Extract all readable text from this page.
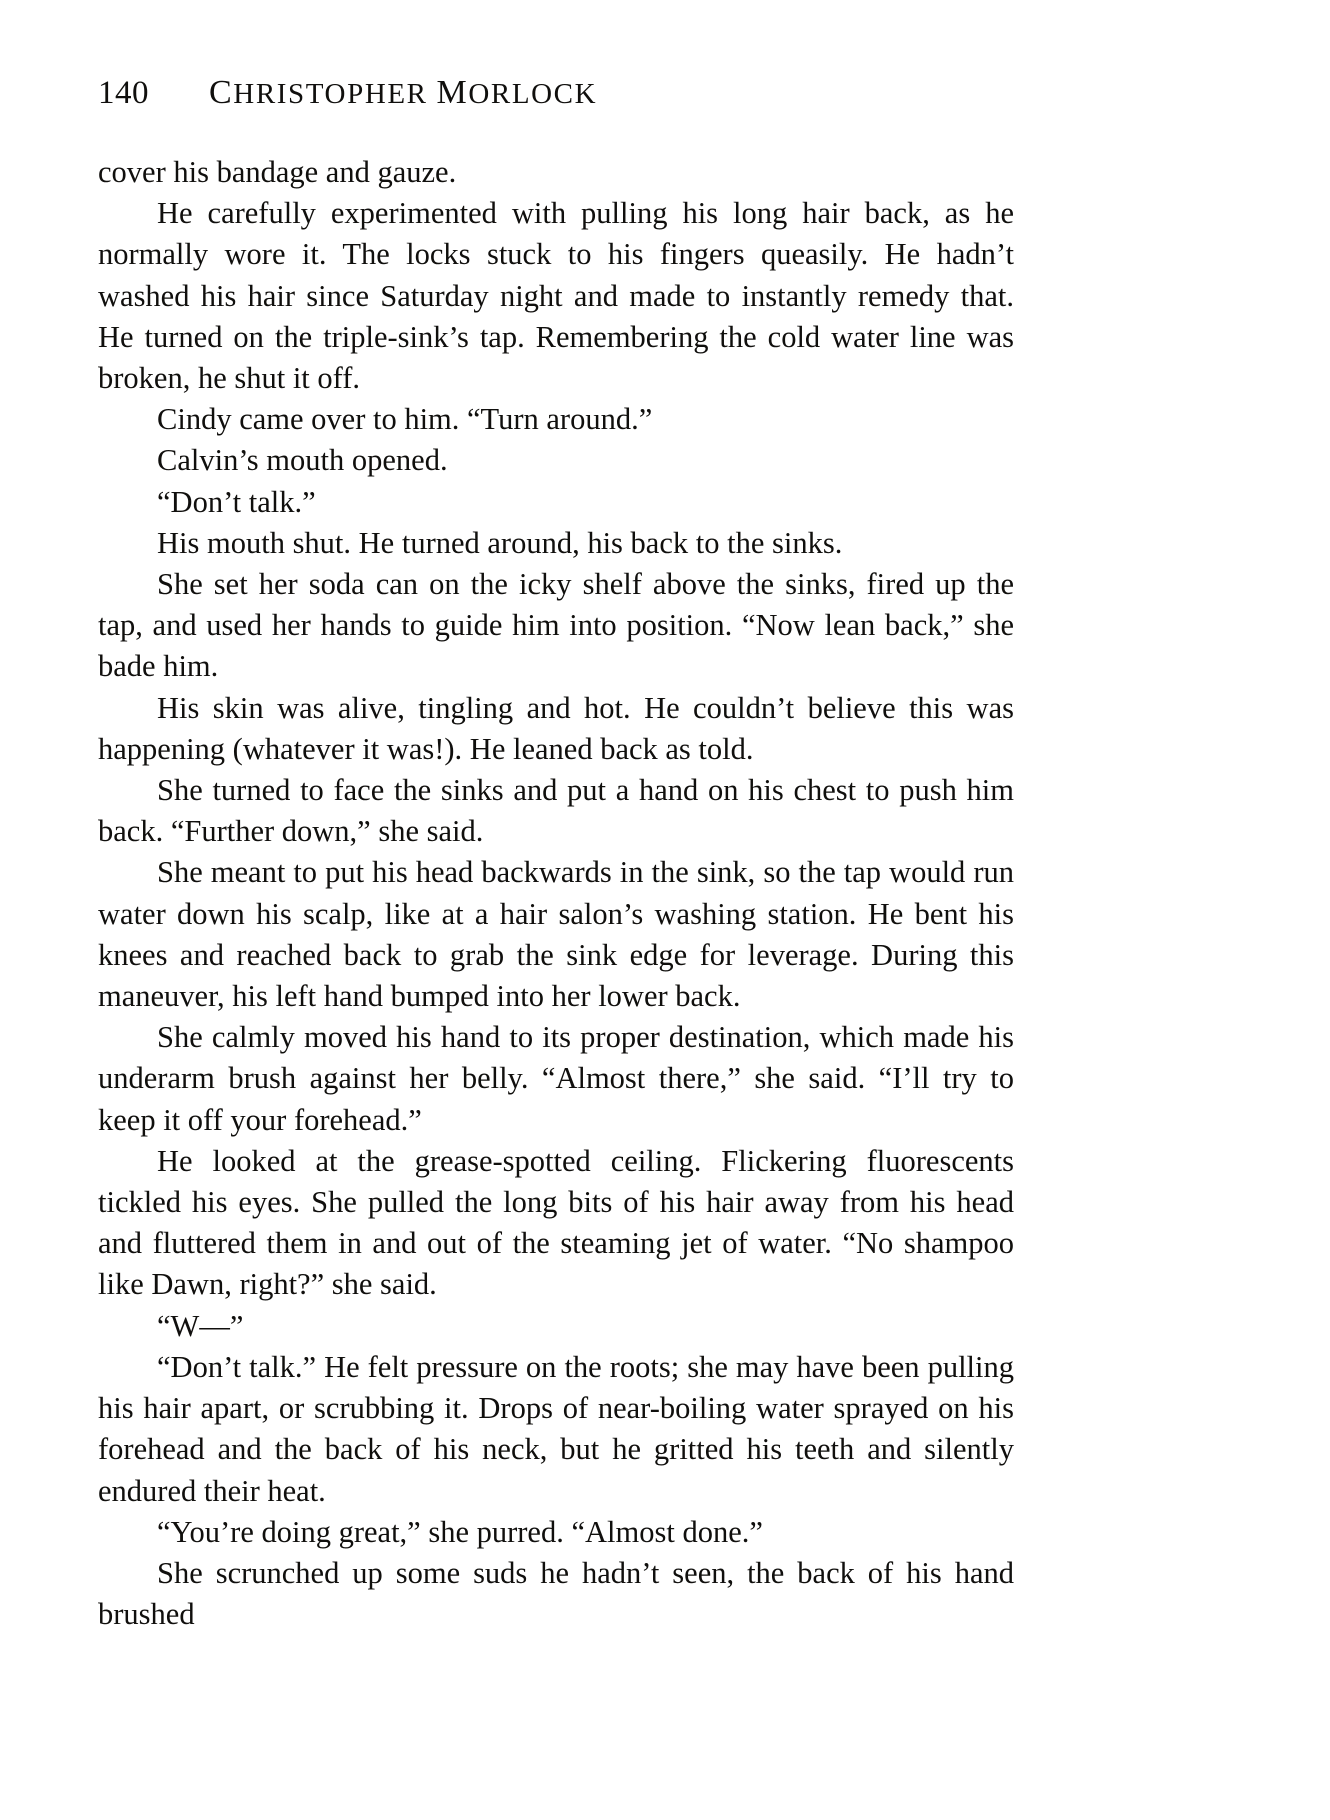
140 CHRISTOPHER MORLOCK

cover his bandage and gauze.

He carefully experimented with pulling his long hair back, as he normally wore it. The locks stuck to his fingers queasily. He hadn’t washed his hair since Saturday night and made to instantly remedy that. He turned on the triple-sink’s tap. Remembering the cold water line was broken, he shut it off.

Cindy came over to him. “Turn around.”

Calvin’s mouth opened.

“Don’t talk.”

His mouth shut. He turned around, his back to the sinks.

She set her soda can on the icky shelf above the sinks, fired up the tap, and used her hands to guide him into position. “Now lean back,” she bade him.

His skin was alive, tingling and hot. He couldn’t believe this was happening (whatever it was!). He leaned back as told.

She turned to face the sinks and put a hand on his chest to push him back. “Further down,” she said.

She meant to put his head backwards in the sink, so the tap would run water down his scalp, like at a hair salon’s washing station. He bent his knees and reached back to grab the sink edge for leverage. During this maneuver, his left hand bumped into her lower back.

She calmly moved his hand to its proper destination, which made his underarm brush against her belly. “Almost there,” she said. “I’ll try to keep it off your forehead.”

He looked at the grease-spotted ceiling. Flickering fluorescents tickled his eyes. She pulled the long bits of his hair away from his head and fluttered them in and out of the steaming jet of water. “No shampoo like Dawn, right?” she said.

“W—”

“Don’t talk.” He felt pressure on the roots; she may have been pulling his hair apart, or scrubbing it. Drops of near-boiling water sprayed on his forehead and the back of his neck, but he gritted his teeth and silently endured their heat.

“You’re doing great,” she purred. “Almost done.”

She scrunched up some suds he hadn’t seen, the back of his hand brushed
